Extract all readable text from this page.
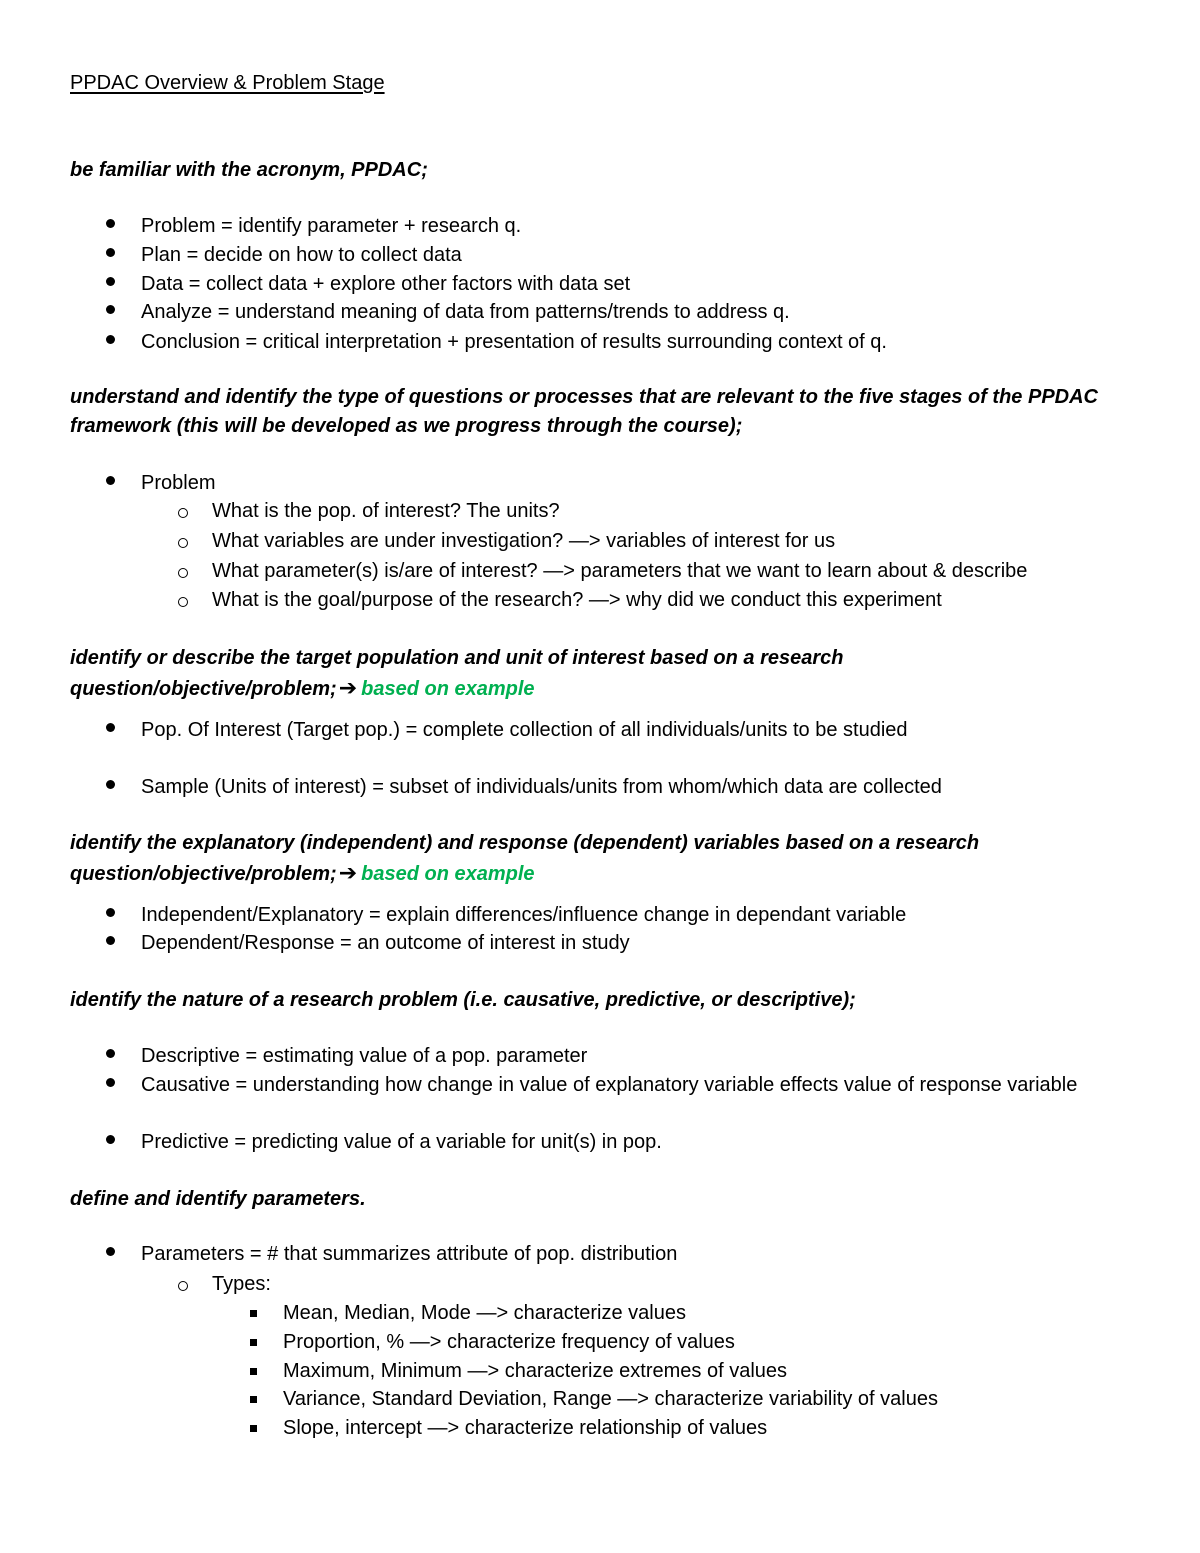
PPDAC Overview & Problem Stage
be familiar with the acronym, PPDAC;
Problem = identify parameter + research q.
Plan = decide on how to collect data
Data = collect data + explore other factors with data set
Analyze = understand meaning of data from patterns/trends to address q.
Conclusion = critical interpretation + presentation of results surrounding context of q.
understand and identify the type of questions or processes that are relevant to the five stages of the PPDAC framework (this will be developed as we progress through the course);
Problem
What is the pop. of interest? The units?
What variables are under investigation? —> variables of interest for us
What parameter(s) is/are of interest? —> parameters that we want to learn about & describe
What is the goal/purpose of the research? —> why did we conduct this experiment
identify or describe the target population and unit of interest based on a research question/objective/problem;➔ based on example
Pop. Of Interest (Target pop.) = complete collection of all individuals/units to be studied
Sample (Units of interest) = subset of individuals/units from whom/which data are collected
identify the explanatory (independent) and response (dependent) variables based on a research question/objective/problem;➔ based on example
Independent/Explanatory = explain differences/influence change in dependant variable
Dependent/Response = an outcome of interest in study
identify the nature of a research problem (i.e. causative, predictive, or descriptive);
Descriptive = estimating value of a pop. parameter
Causative = understanding how change in value of explanatory variable effects value of response variable
Predictive = predicting value of a variable for unit(s) in pop.
define and identify parameters.
Parameters = # that summarizes attribute of pop. distribution
Types:
Mean, Median, Mode —> characterize values
Proportion, % —> characterize frequency of values
Maximum, Minimum —> characterize extremes of values
Variance, Standard Deviation, Range —> characterize variability of values
Slope, intercept —> characterize relationship of values
